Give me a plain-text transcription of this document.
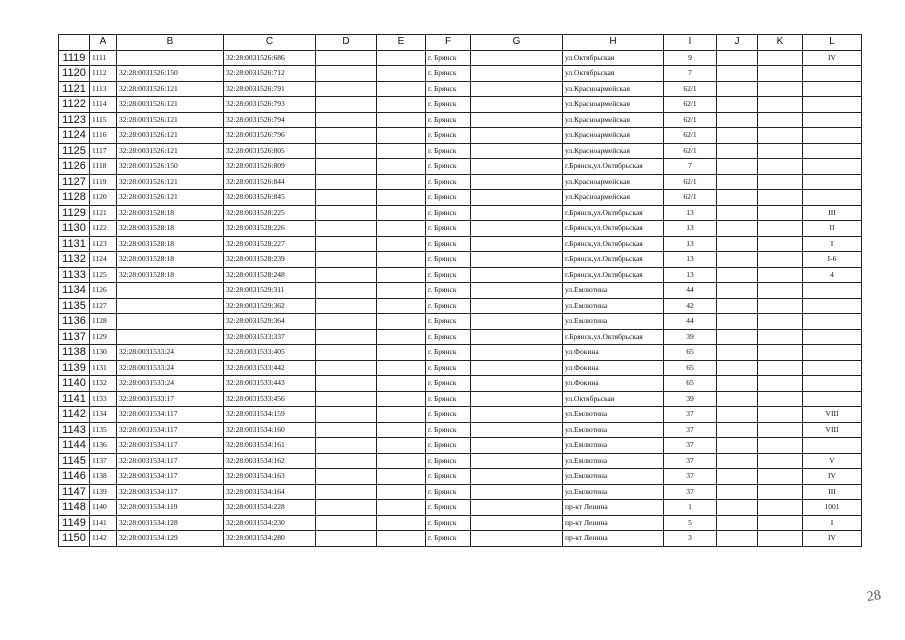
	A	B	C	D	E	F	G	H	I	J	K	L
1119	1111		32:28:0031526:686			г. Брянск		ул.Октябрьская	9			IV
1120	1112	32:28:0031526:150	32:28:0031526:712			г. Брянск		ул.Октябрьская	7			
1121	1113	32:28:0031526:121	32:28:0031526:791			г. Брянск		ул.Красноармейская	62/1			
1122	1114	32:28:0031526:121	32:28:0031526:793			г. Брянск		ул.Красноармейская	62/1			
1123	1115	32:28:0031526:121	32:28:0031526:794			г. Брянск		ул.Красноармейская	62/1			
1124	1116	32:28:0031526:121	32:28:0031526:796			г. Брянск		ул.Красноармейская	62/1			
1125	1117	32:28:0031526:121	32:28:0031526:805			г. Брянск		ул.Красноармейская	62/1			
1126	1118	32:28:0031526:150	32:28:0031526:809			г. Брянск		г.Брянск,ул.Октябрьская	7			
1127	1119	32:28:0031526:121	32:28:0031526:844			г. Брянск		ул.Красноармейская	62/1			
1128	1120	32:28:0031526:121	32:28:0031526:845			г. Брянск		ул.Красноармейская	62/1			
1129	1121	32:28:0031528:18	32:28:0031528:225			г. Брянск		г.Брянск,ул.Октябрьская	13			III
1130	1122	32:28:0031528:18	32:28:0031528:226			г. Брянск		г.Брянск,ул.Октябрьская	13			II
1131	1123	32:28:0031528:18	32:28:0031528:227			г. Брянск		г.Брянск,ул.Октябрьская	13			I
1132	1124	32:28:0031528:18	32:28:0031528:239			г. Брянск		г.Брянск,ул.Октябрьская	13			I-6
1133	1125	32:28:0031528:18	32:28:0031528:248			г. Брянск		г.Брянск,ул.Октябрьская	13			4
1134	1126		32:28:0031529:311			г. Брянск		ул.Емлютина	44			
1135	1127		32:28:0031529:362			г. Брянск		ул.Емлютина	42			
1136	1128		32:28:0031529:364			г. Брянск		ул.Емлютина	44			
1137	1129		32:28:0031533:337			г. Брянск		г.Брянск,ул.Октябрьская	39			
1138	1130	32:28:0031533:24	32:28:0031533:405			г. Брянск		ул.Фокина	65			
1139	1131	32:28:0031533:24	32:28:0031533:442			г. Брянск		ул.Фокина	65			
1140	1132	32:28:0031533:24	32:28:0031533:443			г. Брянск		ул.Фокина	65			
1141	1133	32:28:0031533:17	32:28:0031533:456			г. Брянск		ул.Октябрьская	39			
1142	1134	32:28:0031534:117	32:28:0031534:159			г. Брянск		ул.Емлютина	37			VIII
1143	1135	32:28:0031534:117	32:28:0031534:160			г. Брянск		ул.Емлютина	37			VIII
1144	1136	32:28:0031534:117	32:28:0031534:161			г. Брянск		ул.Емлютина	37			
1145	1137	32:28:0031534:117	32:28:0031534:162			г. Брянск		ул.Емлютина	37			V
1146	1138	32:28:0031534:117	32:28:0031534:163			г. Брянск		ул.Емлютина	37			IV
1147	1139	32:28:0031534:117	32:28:0031534:164			г. Брянск		ул.Емлютина	37			III
1148	1140	32:28:0031534:119	32:28:0031534:228			г. Брянск		пр-кт Ленина	1			1001
1149	1141	32:28:0031534:128	32:28:0031534:230			г. Брянск		пр-кт Ленина	5			I
1150	1142	32:28:0031534:129	32:28:0031534:280			г. Брянск		пр-кт Ленина	3			IV
28
